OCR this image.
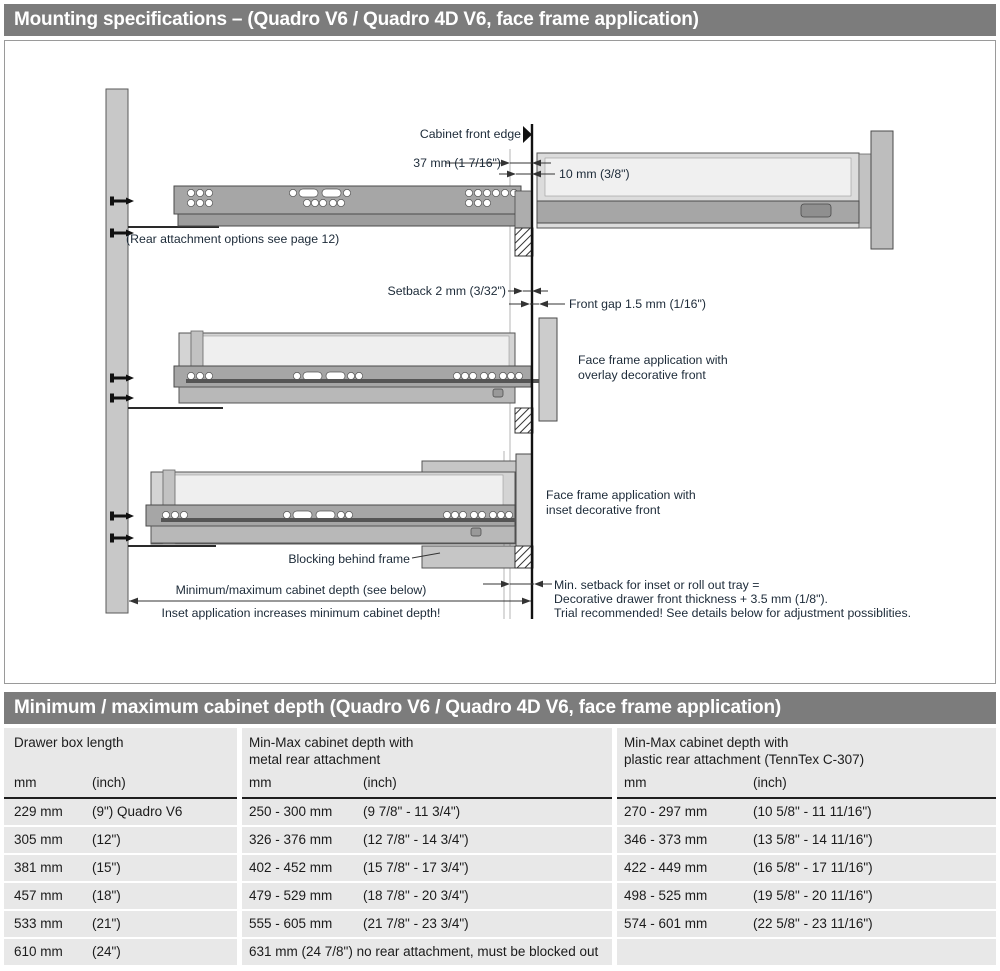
Mounting specifications – (Quadro V6 / Quadro 4D V6, face frame application)
Cabinet front edge
37 mm (1 7/16")
10 mm (3/8")
(Rear attachment options see page 12)
Setback 2 mm (3/32")
Front gap 1.5 mm (1/16")
Face frame application with
overlay decorative front
Face frame application with
inset decorative front
Blocking behind frame
Minimum/maximum cabinet depth (see below)
Inset application increases minimum cabinet depth!
Min. setback for inset or roll out tray =
Decorative drawer front thickness + 3.5 mm (1/8").
Trial recommended! See details below for adjustment possiblities.
Minimum / maximum cabinet depth (Quadro V6 / Quadro 4D V6, face frame application)
Drawer box length
mm	(inch)
Min-Max cabinet depth with
metal rear attachment
mm	(inch)
Min-Max cabinet depth with
plastic rear attachment (TennTex C-307)
mm	(inch)
229 mm (9") Quadro V6	250 - 300 mm (9 7/8" - 11 3/4")	270 - 297 mm	(10 5/8" - 11 11/16")
305 mm (12")	326 - 376 mm (12 7/8" - 14 3/4")	346 - 373 mm	(13 5/8" - 14 11/16")
381 mm (15")	402 - 452 mm (15 7/8" - 17 3/4")	422 - 449 mm	(16 5/8" - 17 11/16")
457 mm (18")	479 - 529 mm (18 7/8" - 20 3/4")	498 - 525 mm	(19 5/8" - 20 11/16")
533 mm (21")	555 - 605 mm (21 7/8" - 23 3/4")	574 - 601 mm	(22 5/8" - 23 11/16")
610 mm (24")	631 mm (24 7/8") no rear attachment, must be blocked out
